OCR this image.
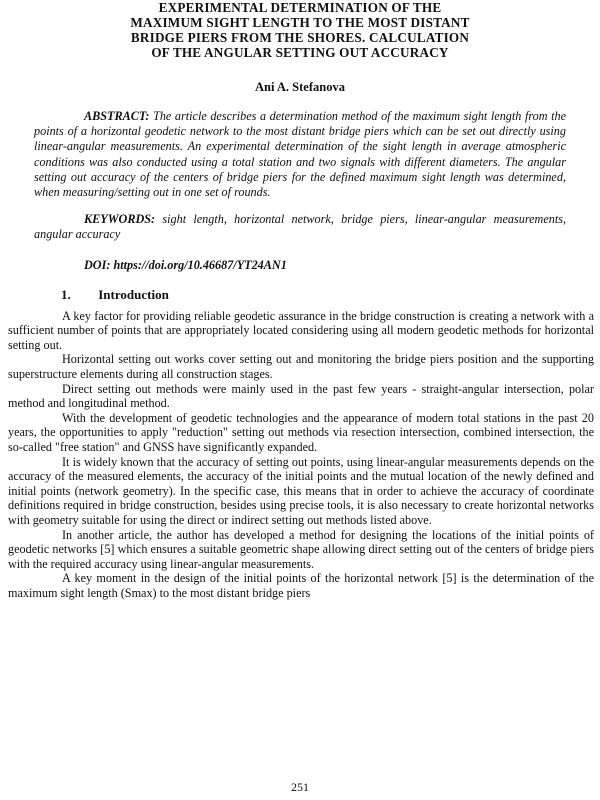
EXPERIMENTAL DETERMINATION OF THE
MAXIMUM SIGHT LENGTH TO THE MOST DISTANT
BRIDGE PIERS FROM THE SHORES. CALCULATION
OF THE ANGULAR SETTING OUT ACCURACY
Ani A. Stefanova
ABSTRACT: The article describes a determination method of the maximum sight length from the points of a horizontal geodetic network to the most distant bridge piers which can be set out directly using linear-angular measurements. An experimental determination of the sight length in average atmospheric conditions was also conducted using a total station and two signals with different diameters. The angular setting out accuracy of the centers of bridge piers for the defined maximum sight length was determined, when measuring/setting out in one set of rounds.
KEYWORDS: sight length, horizontal network, bridge piers, linear-angular measurements, angular accuracy
DOI: https://doi.org/10.46687/YT24AN1
1. Introduction

A key factor for providing reliable geodetic assurance in the bridge construction is creating a network with a sufficient number of points that are appropriately located considering using all modern geodetic methods for horizontal setting out.

Horizontal setting out works cover setting out and monitoring the bridge piers position and the supporting superstructure elements during all construction stages.

Direct setting out methods were mainly used in the past few years - straight-angular intersection, polar method and longitudinal method.

With the development of geodetic technologies and the appearance of modern total stations in the past 20 years, the opportunities to apply "reduction" setting out methods via resection intersection, combined intersection, the so-called "free station" and GNSS have significantly expanded.

It is widely known that the accuracy of setting out points, using linear-angular measurements depends on the accuracy of the measured elements, the accuracy of the initial points and the mutual location of the newly defined and initial points (network geometry). In the specific case, this means that in order to achieve the accuracy of coordinate definitions required in bridge construction, besides using precise tools, it is also necessary to create horizontal networks with geometry suitable for using the direct or indirect setting out methods listed above.

In another article, the author has developed a method for designing the locations of the initial points of geodetic networks [5] which ensures a suitable geometric shape allowing direct setting out of the centers of bridge piers with the required accuracy using linear-angular measurements.

A key moment in the design of the initial points of the horizontal network [5] is the determination of the maximum sight length (Smax) to the most distant bridge piers

251
